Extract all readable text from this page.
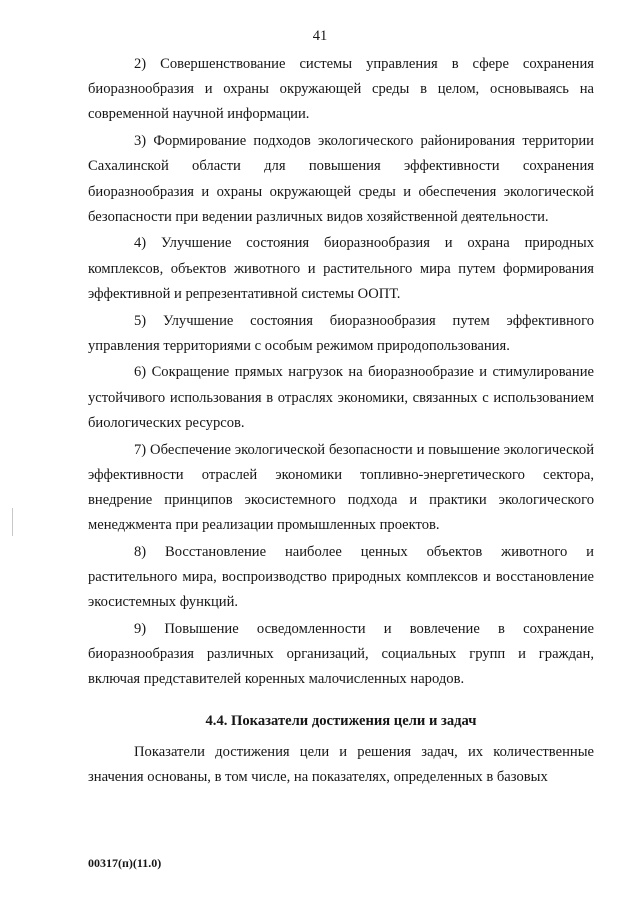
41

2) Совершенствование системы управления в сфере сохранения биоразнообразия и охраны окружающей среды в целом, основываясь на современной научной информации.

3) Формирование подходов экологического районирования территории Сахалинской области для повышения эффективности сохранения биоразнообразия и охраны окружающей среды и обеспечения экологической безопасности при ведении различных видов хозяйственной деятельности.

4) Улучшение состояния биоразнообразия и охрана природных комплексов, объектов животного и растительного мира путем формирования эффективной и репрезентативной системы ООПТ.

5) Улучшение состояния биоразнообразия путем эффективного управления территориями с особым режимом природопользования.

6) Сокращение прямых нагрузок на биоразнообразие и стимулирование устойчивого использования в отраслях экономики, связанных с использованием биологических ресурсов.

7) Обеспечение экологической безопасности и повышение экологической эффективности отраслей экономики топливно-энергетического сектора, внедрение принципов экосистемного подхода и практики экологического менеджмента при реализации промышленных проектов.

8) Восстановление наиболее ценных объектов животного и растительного мира, воспроизводство природных комплексов и восстановление экосистемных функций.

9) Повышение осведомленности и вовлечение в сохранение биоразнообразия различных организаций, социальных групп и граждан, включая представителей коренных малочисленных народов.

4.4. Показатели достижения цели и задач

Показатели достижения цели и решения задач, их количественные значения основаны, в том числе, на показателях, определенных в базовых

00317(п)(11.0)
